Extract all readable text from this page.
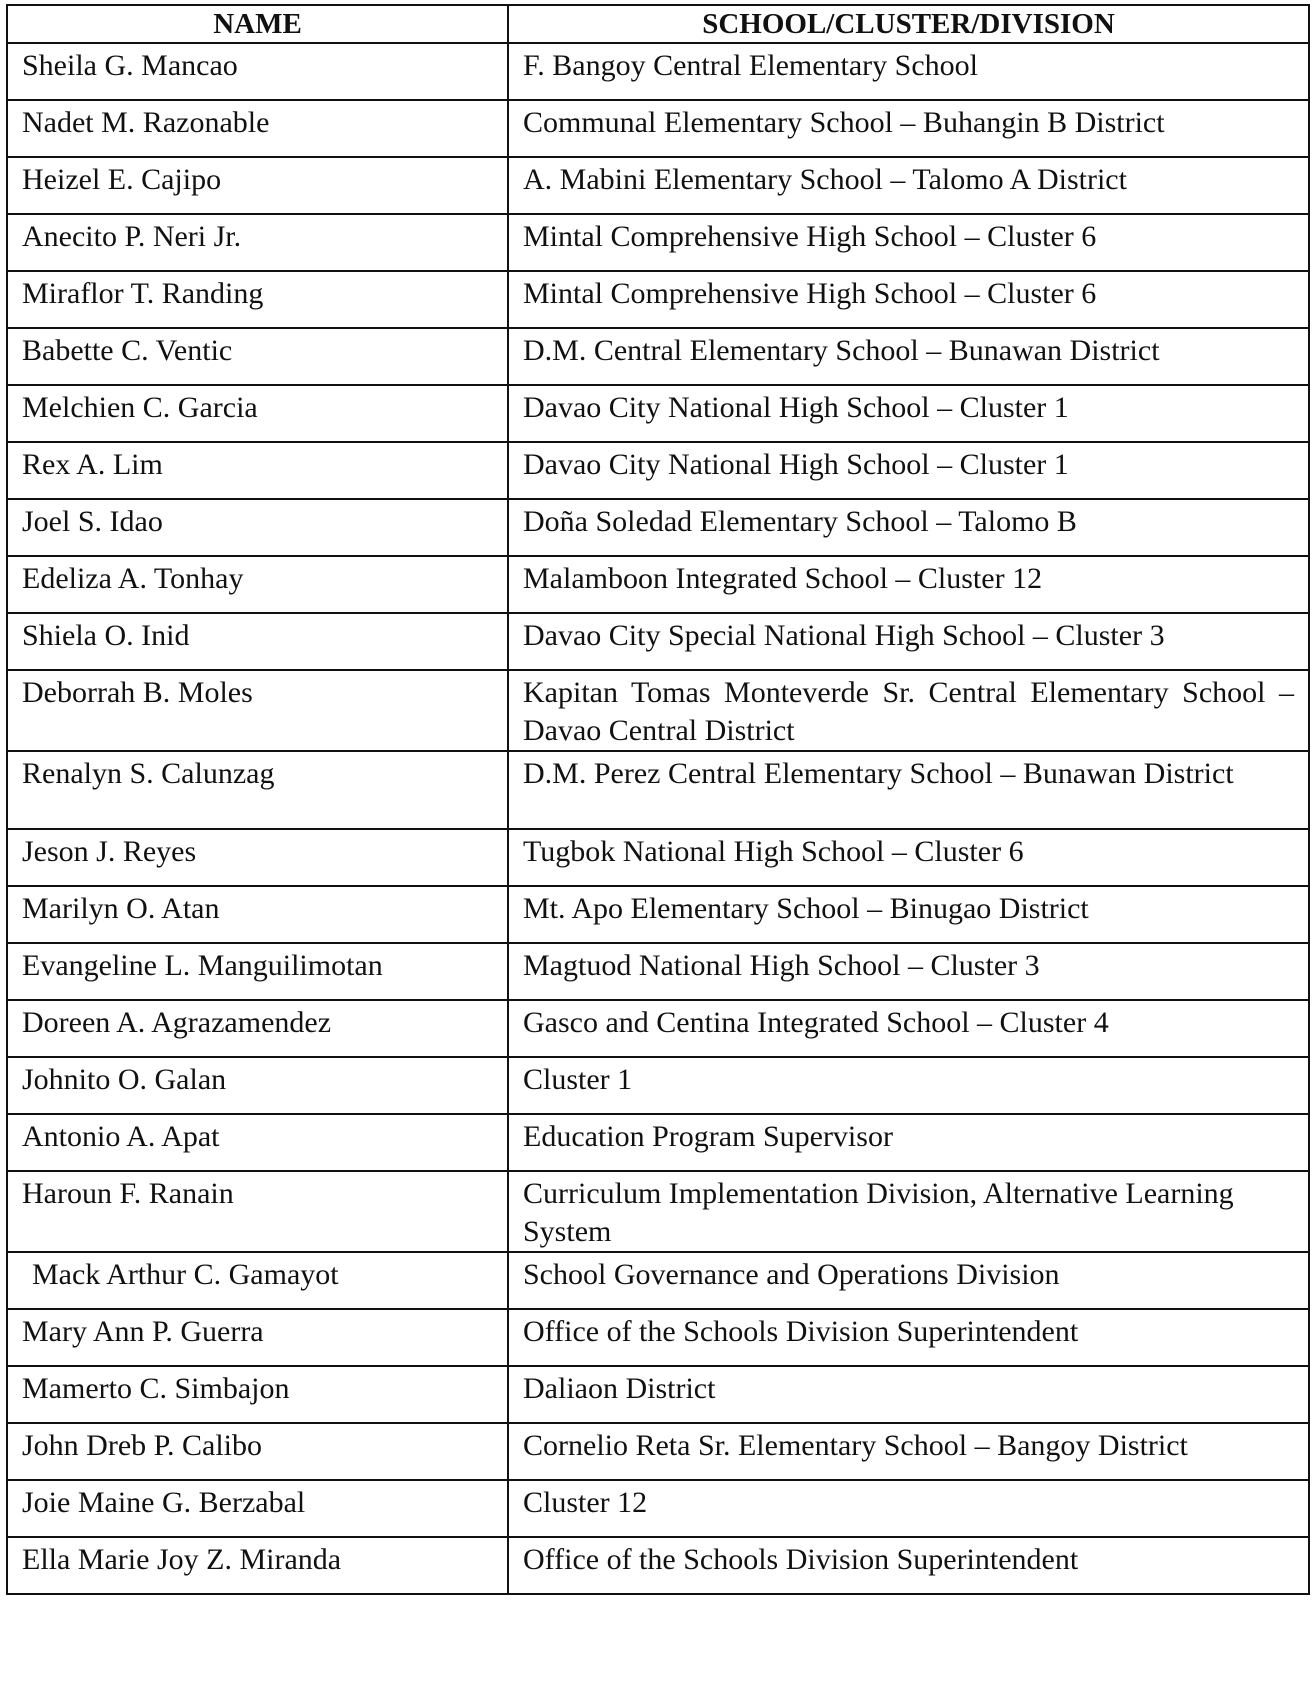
NAME	SCHOOL/CLUSTER/DIVISION
Sheila G. Mancao	F. Bangoy Central Elementary School
Nadet M. Razonable	Communal Elementary School – Buhangin B District
Heizel E. Cajipo	A. Mabini Elementary School – Talomo A District
Anecito P. Neri Jr.	Mintal Comprehensive High School – Cluster 6
Miraflor T. Randing	Mintal Comprehensive High School – Cluster 6
Babette C. Ventic	D.M. Central Elementary School – Bunawan District
Melchien C. Garcia	Davao City National High School – Cluster 1
Rex A. Lim	Davao City National High School – Cluster 1
Joel S. Idao	Doña Soledad Elementary School – Talomo B
Edeliza A. Tonhay	Malamboon Integrated School – Cluster 12
Shiela O. Inid	Davao City Special National High School – Cluster 3
Deborrah B. Moles	Kapitan Tomas Monteverde Sr. Central Elementary School – Davao Central District
Renalyn S. Calunzag	D.M. Perez Central Elementary School – Bunawan District
Jeson J. Reyes	Tugbok National High School – Cluster 6
Marilyn O. Atan	Mt. Apo Elementary School – Binugao District
Evangeline L. Manguilimotan	Magtuod National High School – Cluster 3
Doreen A. Agrazamendez	Gasco and Centina Integrated School – Cluster 4
Johnito O. Galan	Cluster 1
Antonio A. Apat	Education Program Supervisor
Haroun F. Ranain	Curriculum Implementation Division, Alternative Learning System
Mack Arthur C. Gamayot	School Governance and Operations Division
Mary Ann P. Guerra	Office of the Schools Division Superintendent
Mamerto C. Simbajon	Daliaon District
John Dreb P. Calibo	Cornelio Reta Sr. Elementary School – Bangoy District
Joie Maine G. Berzabal	Cluster 12
Ella Marie Joy Z. Miranda	Office of the Schools Division Superintendent
